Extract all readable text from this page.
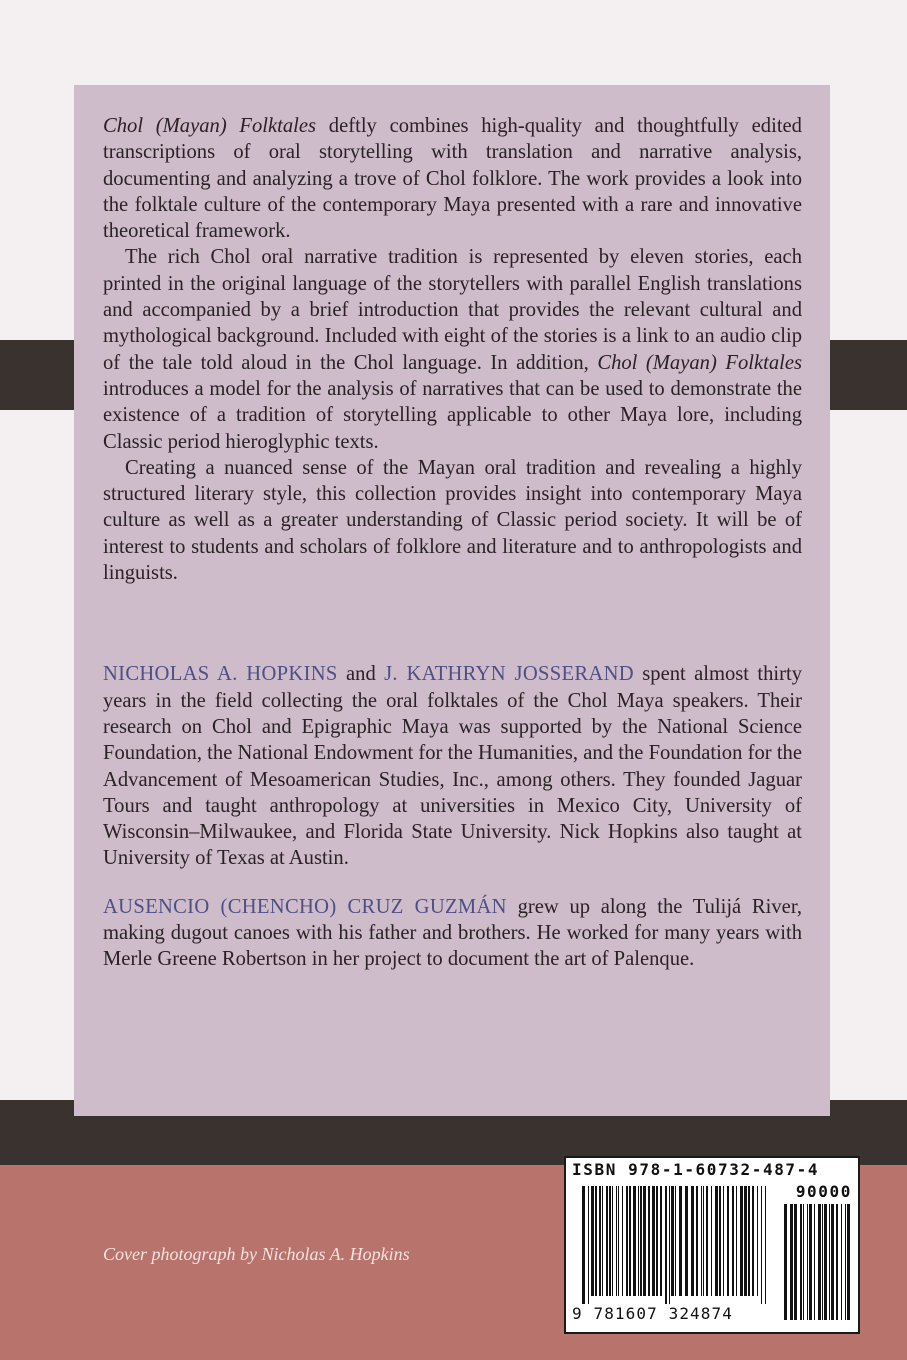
Chol (Mayan) Folktales deftly combines high-quality and thoughtfully edited transcriptions of oral storytelling with translation and narrative analysis, documenting and analyzing a trove of Chol folklore. The work provides a look into the folktale culture of the contemporary Maya presented with a rare and innovative theoretical framework.

The rich Chol oral narrative tradition is represented by eleven stories, each printed in the original language of the storytellers with parallel English translations and accompanied by a brief introduction that provides the relevant cultural and mythological background. Included with eight of the stories is a link to an audio clip of the tale told aloud in the Chol language. In addition, Chol (Mayan) Folktales introduces a model for the analysis of narratives that can be used to demonstrate the existence of a tradition of storytelling applicable to other Maya lore, including Classic period hieroglyphic texts.

Creating a nuanced sense of the Mayan oral tradition and revealing a highly structured literary style, this collection provides insight into contemporary Maya culture as well as a greater understanding of Classic period society. It will be of interest to students and scholars of folklore and literature and to anthropologists and linguists.

NICHOLAS A. HOPKINS and J. KATHRYN JOSSERAND spent almost thirty years in the field collecting the oral folktales of the Chol Maya speakers. Their research on Chol and Epigraphic Maya was supported by the National Science Foundation, the National Endowment for the Humanities, and the Foundation for the Advancement of Mesoamerican Studies, Inc., among others. They founded Jaguar Tours and taught anthropology at universities in Mexico City, University of Wisconsin–Milwaukee, and Florida State University. Nick Hopkins also taught at University of Texas at Austin.

AUSENCIO (CHENCHO) CRUZ GUZMÁN grew up along the Tulijá River, making dugout canoes with his father and brothers. He worked for many years with Merle Greene Robertson in her project to document the art of Palenque.

Cover photograph by Nicholas A. Hopkins
ISBN 978-1-60732-487-4
90000
9 781607 324874
